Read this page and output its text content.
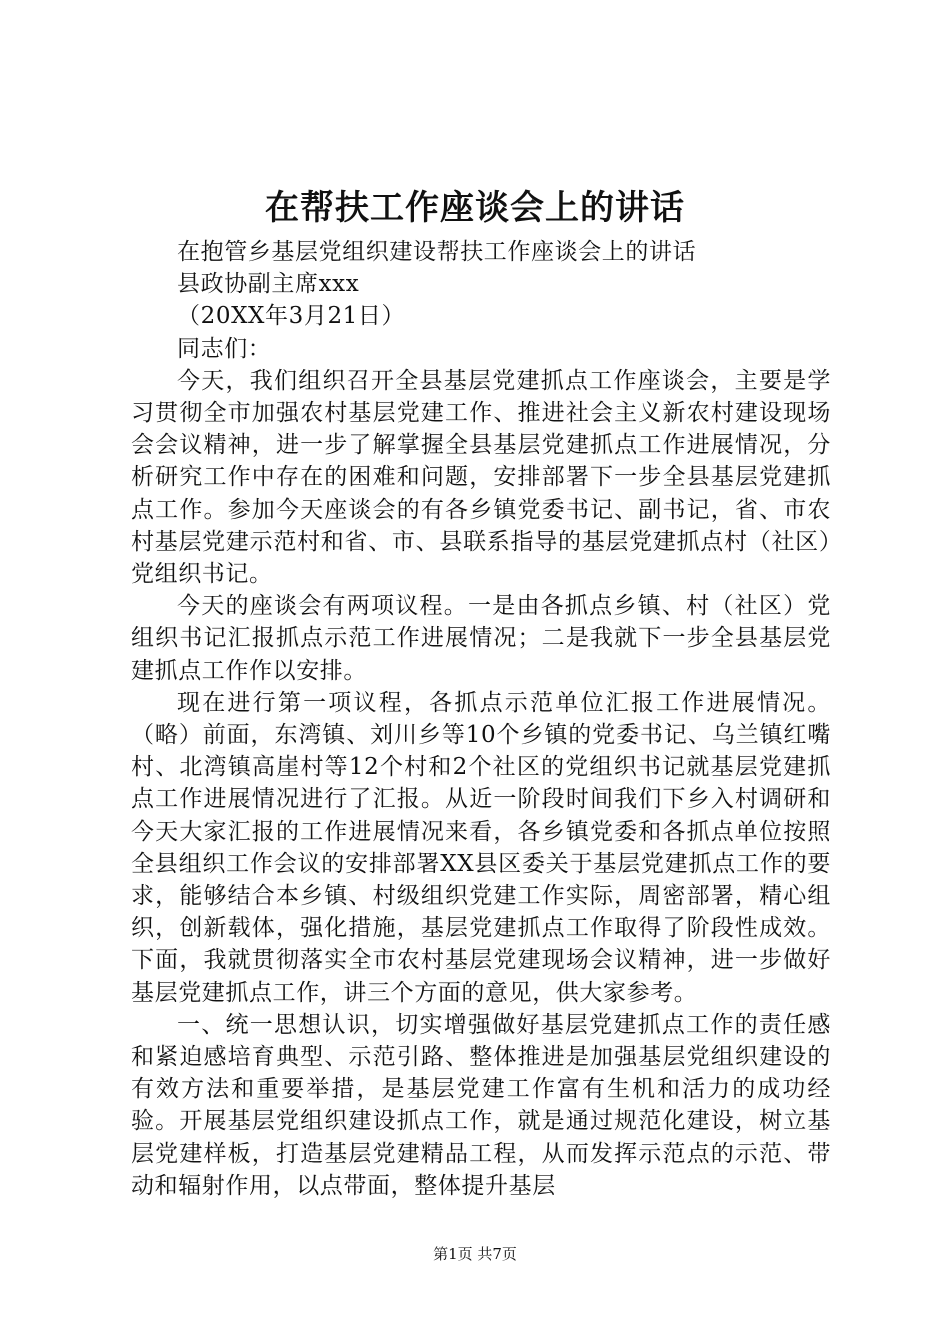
在帮扶工作座谈会上的讲话

在抱管乡基层党组织建设帮扶工作座谈会上的讲话

县政协副主席xxx

（20XX年3月21日）

同志们：

今天，我们组织召开全县基层党建抓点工作座谈会，主要是学习贯彻全市加强农村基层党建工作、推进社会主义新农村建设现场会会议精神，进一步了解掌握全县基层党建抓点工作进展情况，分析研究工作中存在的困难和问题，安排部署下一步全县基层党建抓点工作。参加今天座谈会的有各乡镇党委书记、副书记，省、市农村基层党建示范村和省、市、县联系指导的基层党建抓点村（社区）党组织书记。

今天的座谈会有两项议程。一是由各抓点乡镇、村（社区）党组织书记汇报抓点示范工作进展情况；二是我就下一步全县基层党建抓点工作作以安排。

现在进行第一项议程，各抓点示范单位汇报工作进展情况。（略）前面，东湾镇、刘川乡等10个乡镇的党委书记、乌兰镇红嘴村、北湾镇高崖村等12个村和2个社区的党组织书记就基层党建抓点工作进展情况进行了汇报。从近一阶段时间我们下乡入村调研和今天大家汇报的工作进展情况来看，各乡镇党委和各抓点单位按照全县组织工作会议的安排部署XX县区委关于基层党建抓点工作的要求，能够结合本乡镇、村级组织党建工作实际，周密部署，精心组织，创新载体，强化措施，基层党建抓点工作取得了阶段性成效。下面，我就贯彻落实全市农村基层党建现场会议精神，进一步做好基层党建抓点工作，讲三个方面的意见，供大家参考。

一、统一思想认识，切实增强做好基层党建抓点工作的责任感和紧迫感培育典型、示范引路、整体推进是加强基层党组织建设的有效方法和重要举措，是基层党建工作富有生机和活力的成功经验。开展基层党组织建设抓点工作，就是通过规范化建设，树立基层党建样板，打造基层党建精品工程，从而发挥示范点的示范、带动和辐射作用，以点带面，整体提升基层

第1页 共7页
